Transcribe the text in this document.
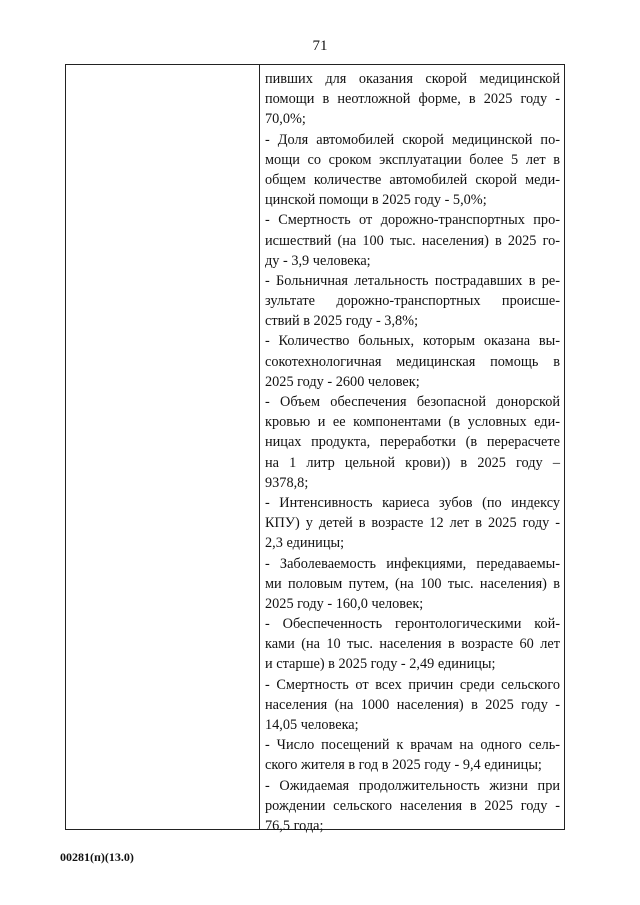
71
пивших для оказания скорой медицинской
помощи в неотложной форме, в 2025 году -
70,0%;
- Доля автомобилей скорой медицинской по-
мощи со сроком эксплуатации более 5 лет в
общем количестве автомобилей скорой меди-
цинской помощи в 2025 году - 5,0%;
- Смертность от дорожно-транспортных про-
исшествий (на 100 тыс. населения) в 2025 го-
ду - 3,9 человека;
- Больничная летальность пострадавших в ре-
зультате дорожно-транспортных происше-
ствий в 2025 году - 3,8%;
- Количество больных, которым оказана вы-
сокотехнологичная медицинская помощь в
2025 году - 2600 человек;
- Объем обеспечения безопасной донорской
кровью и ее компонентами (в условных еди-
ницах продукта, переработки (в перерасчете
на 1 литр цельной крови)) в 2025 году –
9378,8;
- Интенсивность кариеса зубов (по индексу
КПУ) у детей в возрасте 12 лет в 2025 году -
2,3 единицы;
- Заболеваемость инфекциями, передаваемы-
ми половым путем, (на 100 тыс. населения) в
2025 году - 160,0 человек;
- Обеспеченность геронтологическими кой-
ками (на 10 тыс. населения в возрасте 60 лет
и старше) в 2025 году - 2,49 единицы;
- Смертность от всех причин среди сельского
населения (на 1000 населения) в 2025 году -
14,05 человека;
- Число посещений к врачам на одного сель-
ского жителя в год в 2025 году - 9,4 единицы;
- Ожидаемая продолжительность жизни при
рождении сельского населения в 2025 году -
76,5 года;
00281(п)(13.0)
